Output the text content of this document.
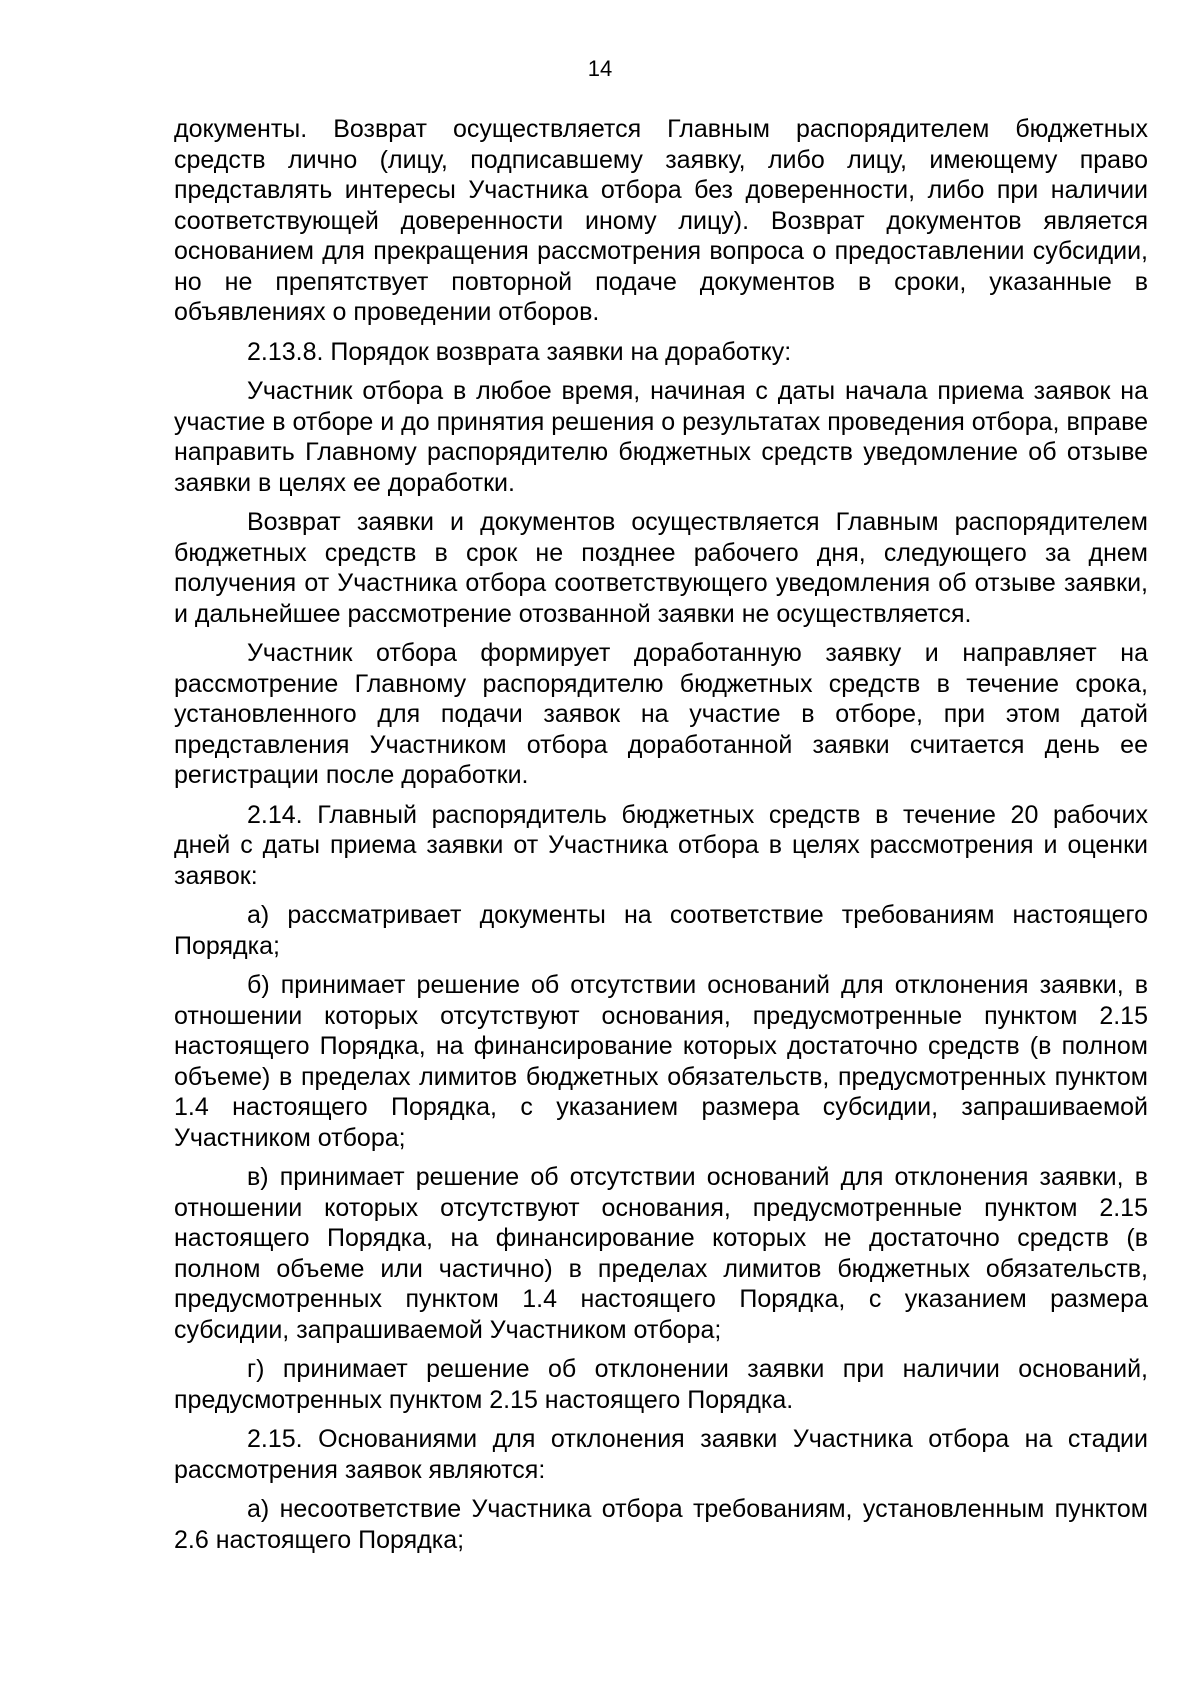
14

документы. Возврат осуществляется Главным распорядителем бюджетных средств лично (лицу, подписавшему заявку, либо лицу, имеющему право представлять интересы Участника отбора без доверенности, либо при наличии соответствующей доверенности иному лицу). Возврат документов является основанием для прекращения рассмотрения вопроса о предоставлении субсидии, но не препятствует повторной подаче документов в сроки, указанные в объявлениях о проведении отборов.

2.13.8. Порядок возврата заявки на доработку:

Участник отбора в любое время, начиная с даты начала приема заявок на участие в отборе и до принятия решения о результатах проведения отбора, вправе направить Главному распорядителю бюджетных средств уведомление об отзыве заявки в целях ее доработки.

Возврат заявки и документов осуществляется Главным распорядителем бюджетных средств в срок не позднее рабочего дня, следующего за днем получения от Участника отбора соответствующего уведомления об отзыве заявки, и дальнейшее рассмотрение отозванной заявки не осуществляется.

Участник отбора формирует доработанную заявку и направляет на рассмотрение Главному распорядителю бюджетных средств в течение срока, установленного для подачи заявок на участие в отборе, при этом датой представления Участником отбора доработанной заявки считается день ее регистрации после доработки.

2.14. Главный распорядитель бюджетных средств в течение 20 рабочих дней с даты приема заявки от Участника отбора в целях рассмотрения и оценки заявок:

а) рассматривает документы на соответствие требованиям настоящего Порядка;

б) принимает решение об отсутствии оснований для отклонения заявки, в отношении которых отсутствуют основания, предусмотренные пунктом 2.15 настоящего Порядка, на финансирование которых достаточно средств (в полном объеме) в пределах лимитов бюджетных обязательств, предусмотренных пунктом 1.4 настоящего Порядка, с указанием размера субсидии, запрашиваемой Участником отбора;

в) принимает решение об отсутствии оснований для отклонения заявки, в отношении которых отсутствуют основания, предусмотренные пунктом 2.15 настоящего Порядка, на финансирование которых не достаточно средств (в полном объеме или частично) в пределах лимитов бюджетных обязательств, предусмотренных пунктом 1.4 настоящего Порядка, с указанием размера субсидии, запрашиваемой Участником отбора;

г) принимает решение об отклонении заявки при наличии оснований, предусмотренных пунктом 2.15 настоящего Порядка.

2.15. Основаниями для отклонения заявки Участника отбора на стадии рассмотрения заявок являются:

а) несоответствие Участника отбора требованиям, установленным пунктом 2.6 настоящего Порядка;
